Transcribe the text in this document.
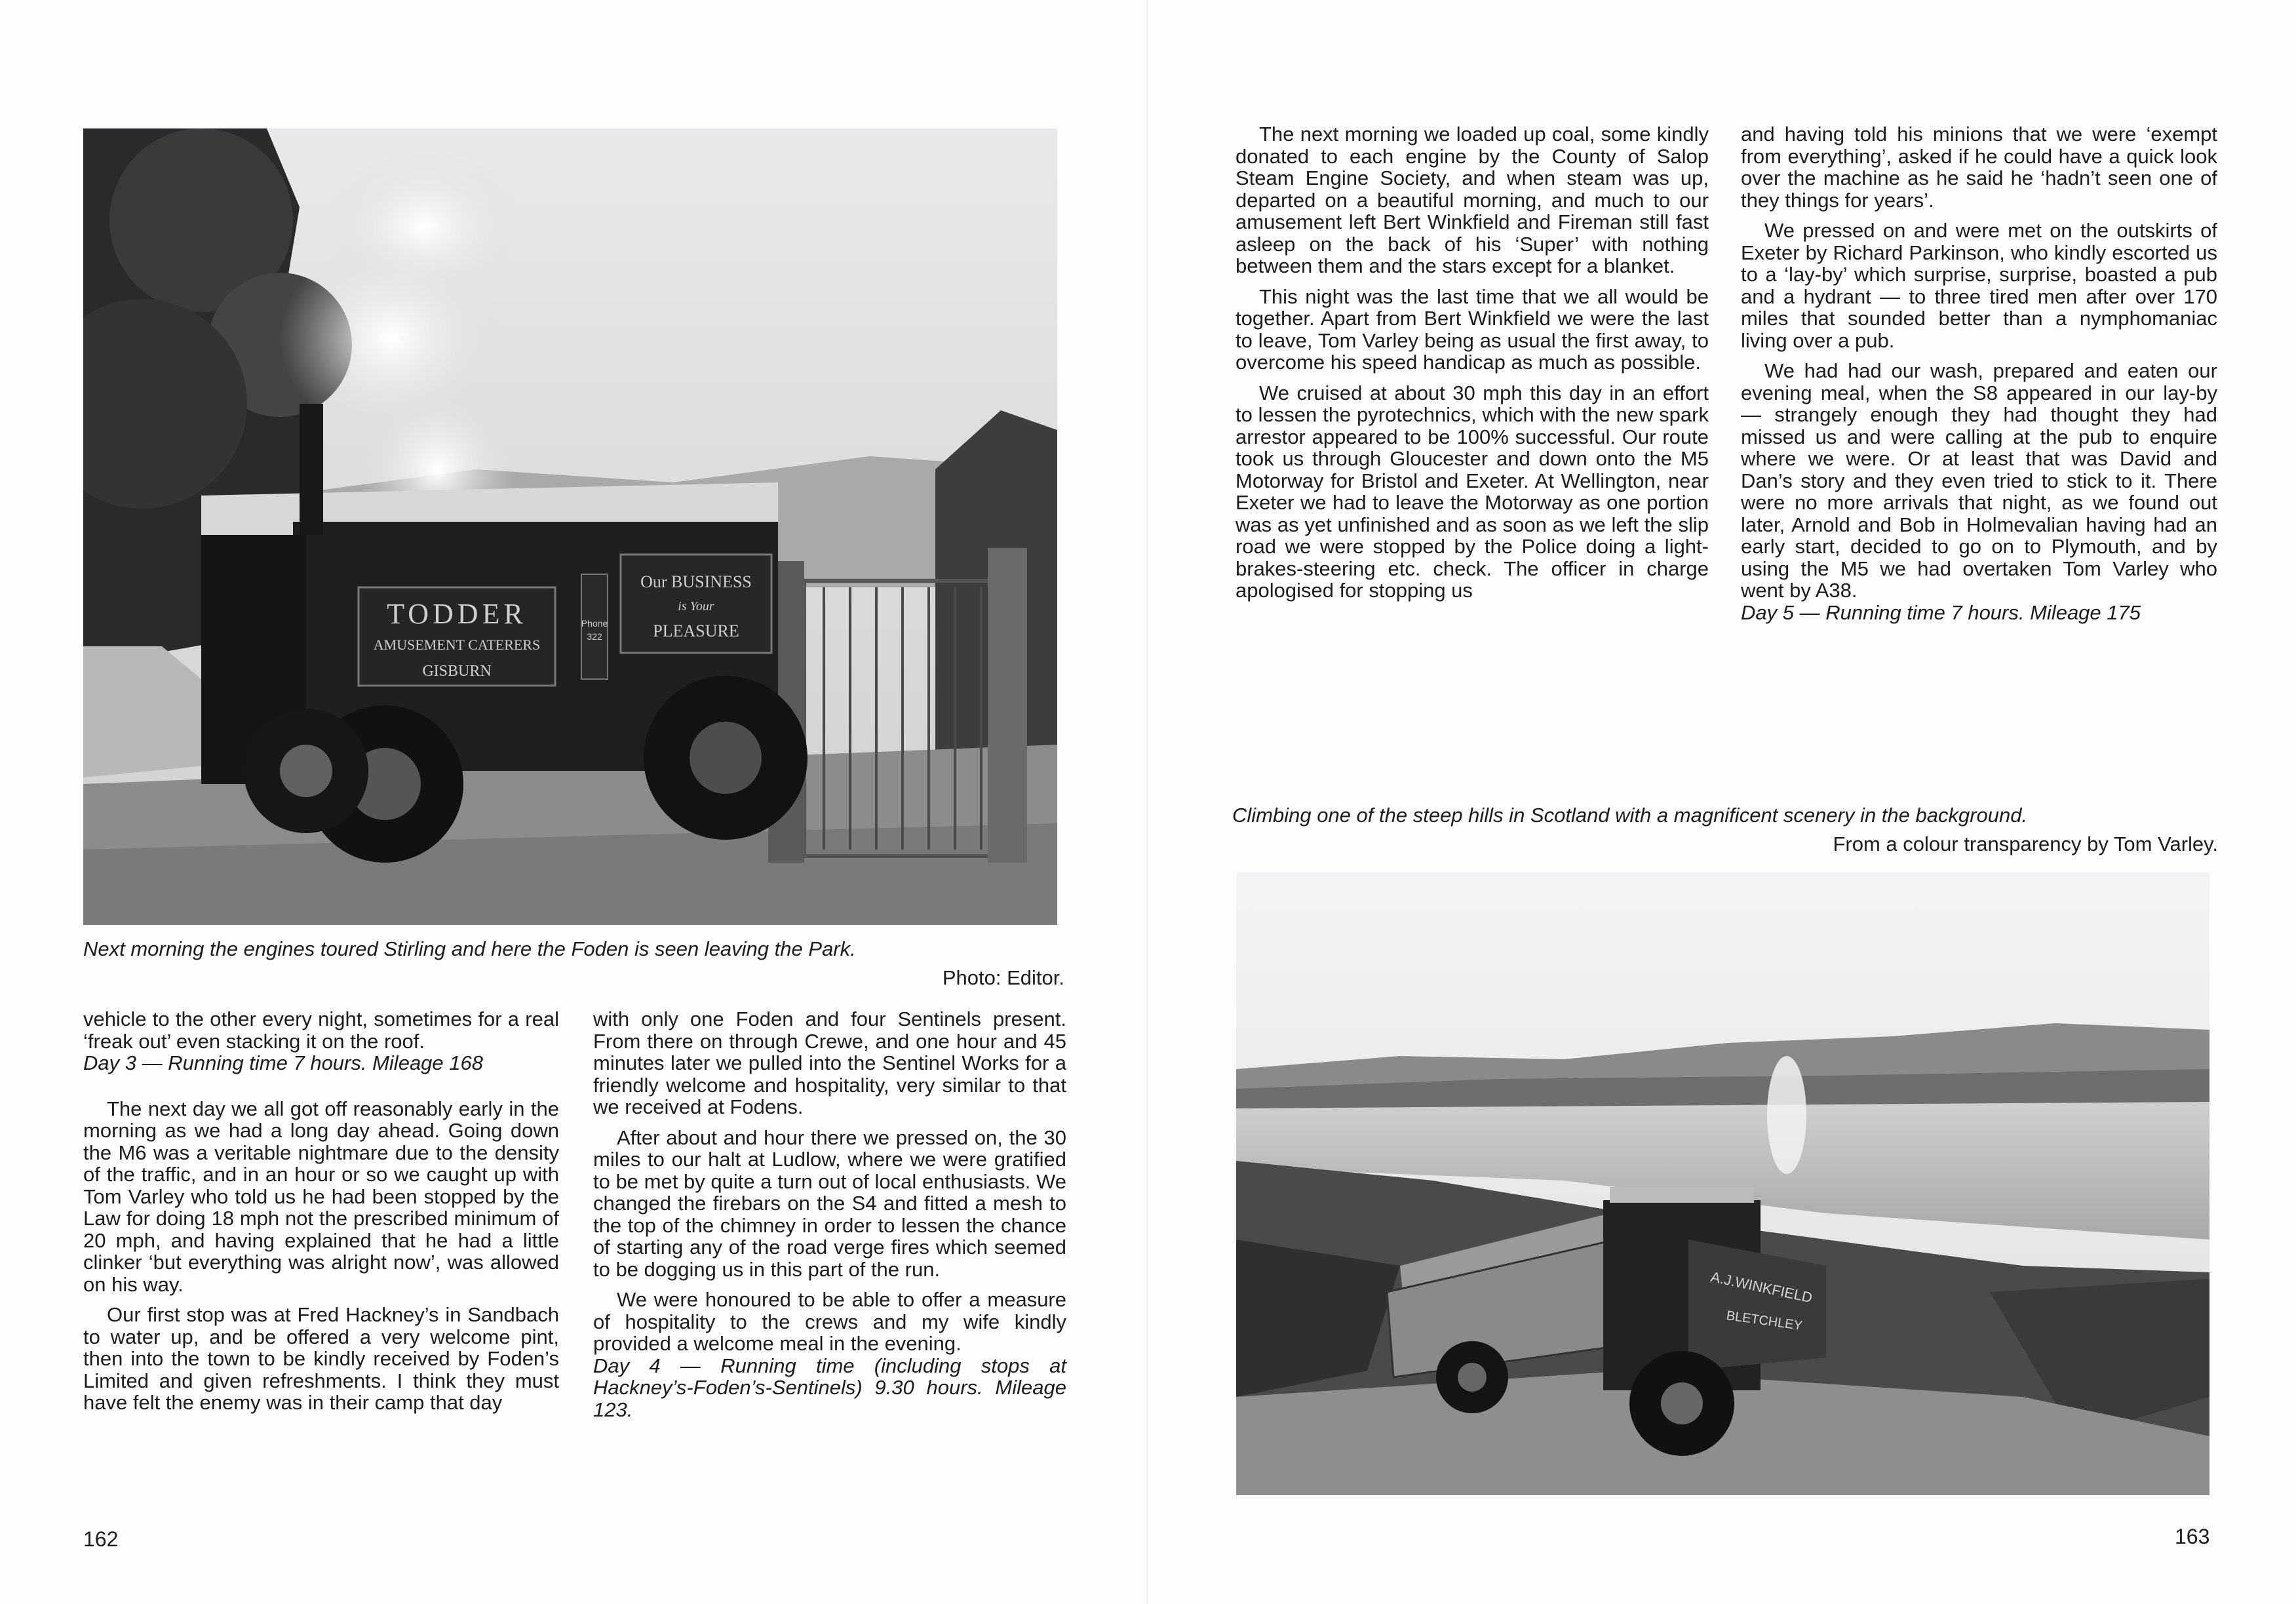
TODDER
AMUSEMENT CATERERS
GISBURN
Phone
322
Our BUSINESS
is Your
PLEASURE
Next morning the engines toured Stirling and here the Foden is seen leaving the Park.
Photo: Editor.

vehicle to the other every night, sometimes for a real ‘freak out’ even stacking it on the roof.

Day 3 — Running time 7 hours. Mileage 168

The next day we all got off reasonably early in the morning as we had a long day ahead. Going down the M6 was a veritable nightmare due to the density of the traffic, and in an hour or so we caught up with Tom Varley who told us he had been stopped by the Law for doing 18 mph not the prescribed minimum of 20 mph, and having explained that he had a little clinker ‘but everything was alright now’, was allowed on his way.

Our first stop was at Fred Hackney’s in Sandbach to water up, and be offered a very welcome pint, then into the town to be kindly received by Foden’s Limited and given refreshments. I think they must have felt the enemy was in their camp that day

with only one Foden and four Sentinels present. From there on through Crewe, and one hour and 45 minutes later we pulled into the Sentinel Works for a friendly welcome and hospitality, very similar to that we received at Fodens.

After about and hour there we pressed on, the 30 miles to our halt at Ludlow, where we were gratified to be met by quite a turn out of local enthusiasts. We changed the firebars on the S4 and fitted a mesh to the top of the chimney in order to lessen the chance of starting any of the road verge fires which seemed to be dogging us in this part of the run.

We were honoured to be able to offer a measure of hospitality to the crews and my wife kindly provided a welcome meal in the evening.

Day 4 — Running time (including stops at Hackney’s-Foden’s-Sentinels) 9.30 hours. Mileage 123.
162

The next morning we loaded up coal, some kindly donated to each engine by the County of Salop Steam Engine Society, and when steam was up, departed on a beautiful morning, and much to our amusement left Bert Winkfield and Fireman still fast asleep on the back of his ‘Super’ with nothing between them and the stars except for a blanket.

This night was the last time that we all would be together. Apart from Bert Winkfield we were the last to leave, Tom Varley being as usual the first away, to overcome his speed handicap as much as possible.

We cruised at about 30 mph this day in an effort to lessen the pyrotechnics, which with the new spark arrestor appeared to be 100% successful. Our route took us through Gloucester and down onto the M5 Motorway for Bristol and Exeter. At Wellington, near Exeter we had to leave the Motorway as one portion was as yet unfinished and as soon as we left the slip road we were stopped by the Police doing a light-brakes-steering etc. check. The officer in charge apologised for stopping us

and having told his minions that we were ‘exempt from everything’, asked if he could have a quick look over the machine as he said he ‘hadn’t seen one of they things for years’.

We pressed on and were met on the outskirts of Exeter by Richard Parkinson, who kindly escorted us to a ‘lay-by’ which surprise, surprise, boasted a pub and a hydrant — to three tired men after over 170 miles that sounded better than a nymphomaniac living over a pub.

We had had our wash, prepared and eaten our evening meal, when the S8 appeared in our lay-by — strangely enough they had thought they had missed us and were calling at the pub to enquire where we were. Or at least that was David and Dan’s story and they even tried to stick to it. There were no more arrivals that night, as we found out later, Arnold and Bob in Holmevalian having had an early start, decided to go on to Plymouth, and by using the M5 we had overtaken Tom Varley who went by A38.

Day 5 — Running time 7 hours. Mileage 175
Climbing one of the steep hills in Scotland with a magnificent scenery in the background.
From a colour transparency by Tom Varley.
A.J.WINKFIELD
BLETCHLEY
163
